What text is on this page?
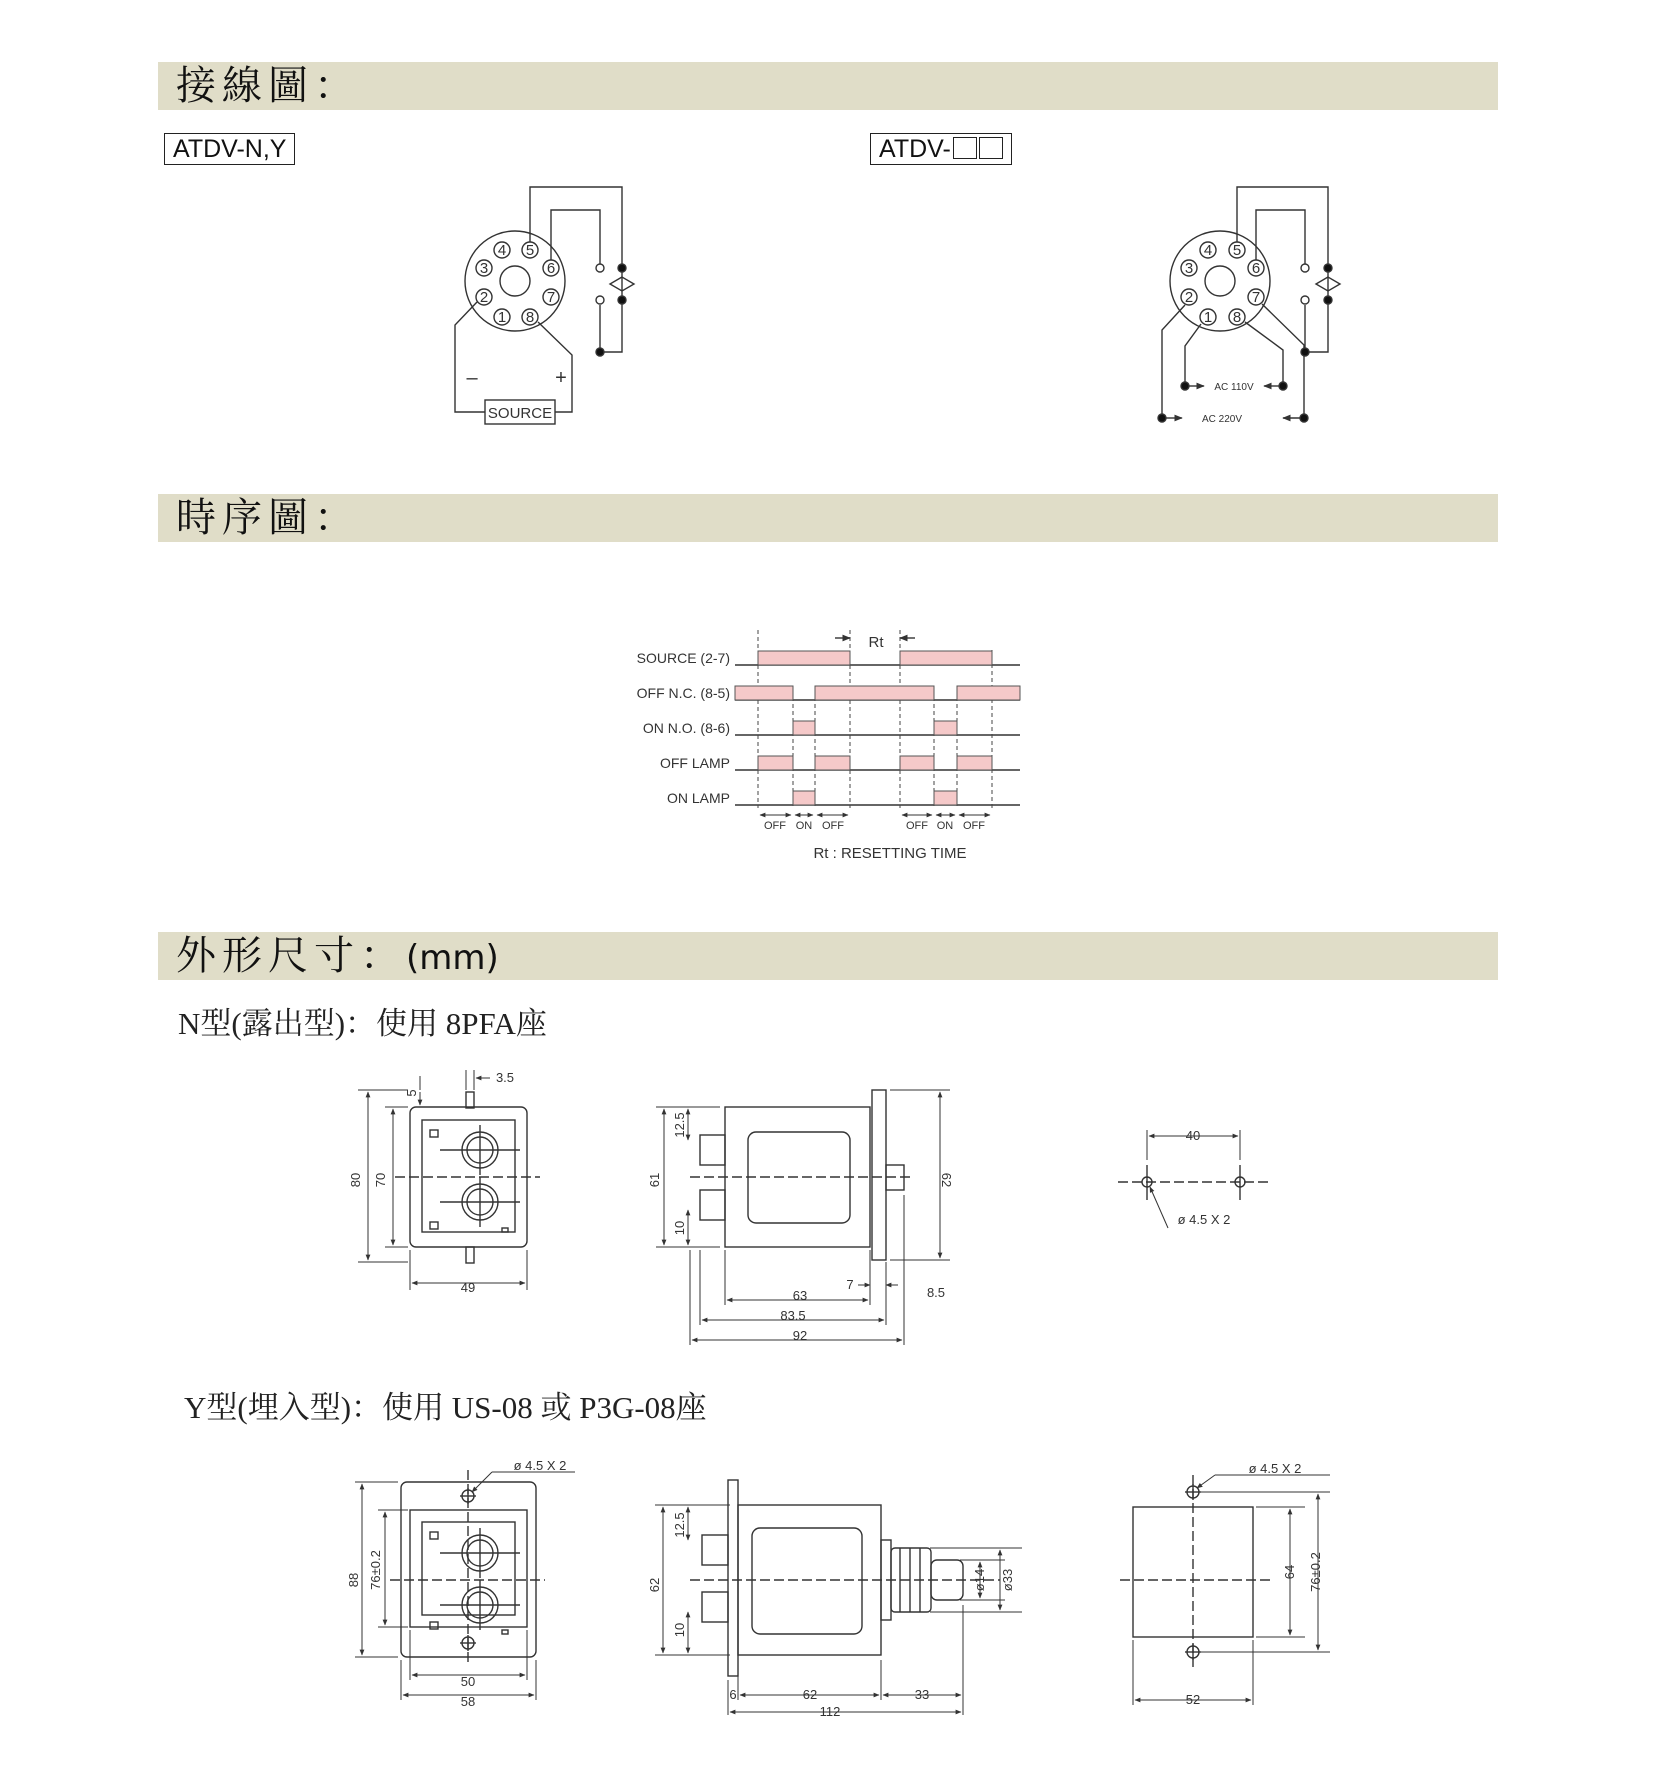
接線圖：
時序圖：
外形尺寸：(mm)
ATDV-N,Y	ATDV-
N型(露出型)：使用 8PFA座
Y型(埋入型)：使用 US-08 或 P3G-08座
4 5
3	6
2	7
1 8
4 5
3	6
2	7
1 8
–	+
SOURCE
AC 110V
AC 220V
SOURCE (2-7)
OFF N.C. (8-5)
ON N.O. (8-6)
OFF LAMP
ON LAMP
Rt
OFF ON OFF	OFF ON OFF
Rt : RESETTING TIME
3.5
5
80 70
49
12.5
61
10
62
63
83.5
92
7
8.5
40
ø 4.5 X 2
ø 4.5 X 2
88 76±0.2
50
58
12.5
62
10
ø14 ø33
6	62	33
112
ø 4.5 X 2
64 76±0.2
52
